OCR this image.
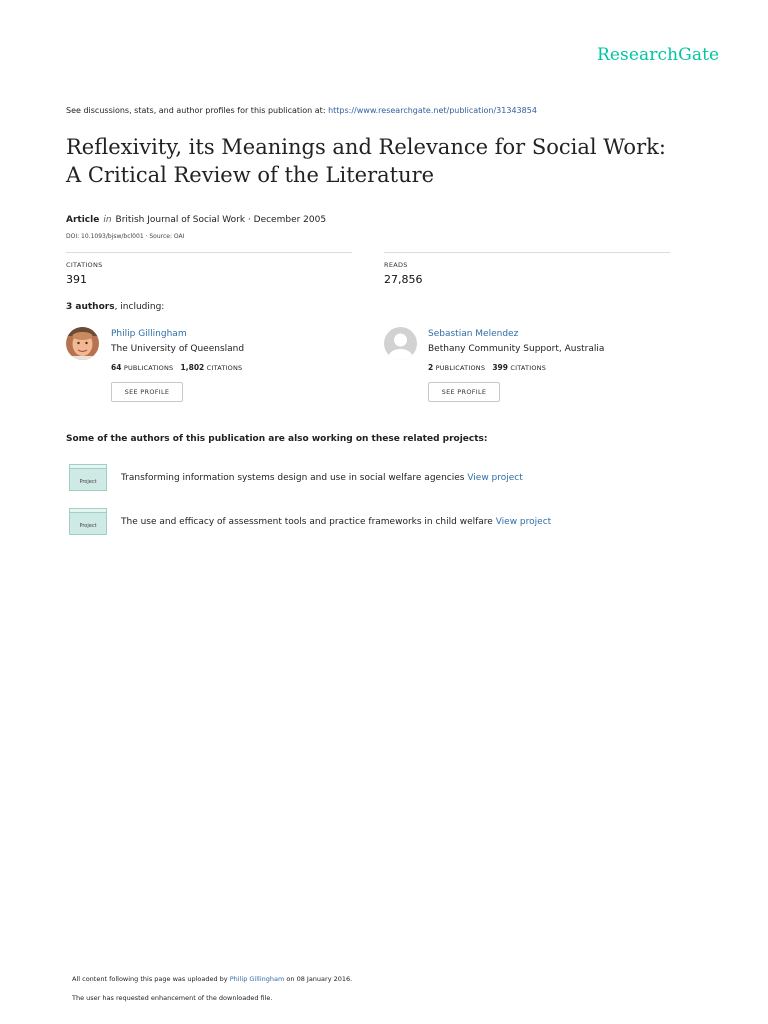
ResearchGate
See discussions, stats, and author profiles for this publication at: https://www.researchgate.net/publication/31343854
Reflexivity, its Meanings and Relevance for Social Work:
A Critical Review of the Literature
Article in British Journal of Social Work · December 2005
DOI: 10.1093/bjsw/bcl001 · Source: OAI
CITATIONS
391
READS
27,856
3 authors, including:
Philip Gillingham
The University of Queensland
64 PUBLICATIONS 1,802 CITATIONS
SEE PROFILE
Sebastian Melendez
Bethany Community Support, Australia
2 PUBLICATIONS 399 CITATIONS
SEE PROFILE
Some of the authors of this publication are also working on these related projects:
Project	Transforming information systems design and use in social welfare agencies View project
Project	The use and efficacy of assessment tools and practice frameworks in child welfare View project
All content following this page was uploaded by Philip Gillingham on 08 January 2016.
The user has requested enhancement of the downloaded file.
